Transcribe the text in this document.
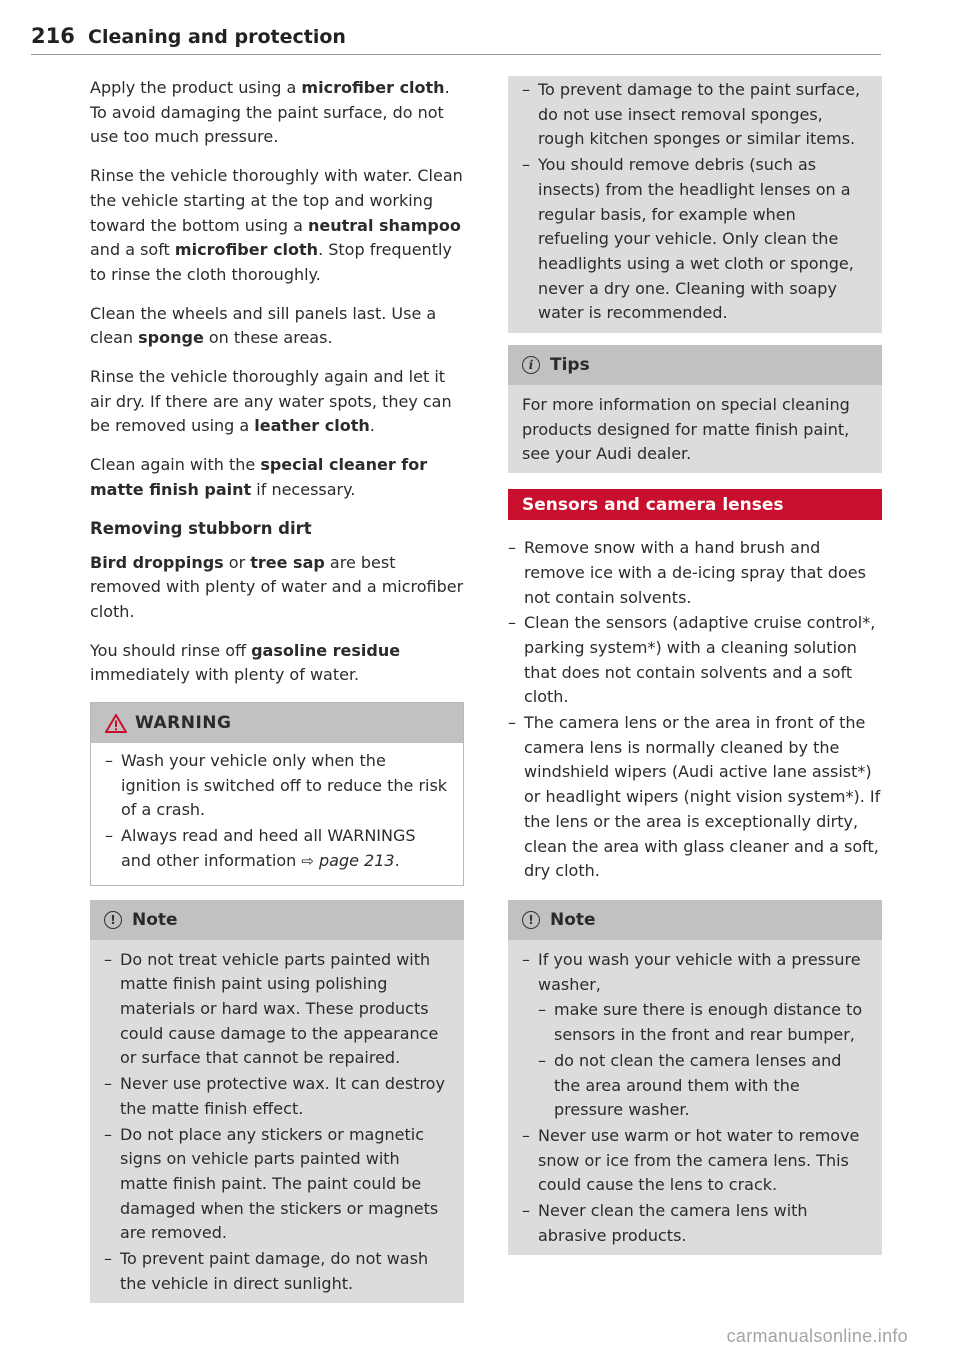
216 Cleaning and protection

Apply the product using a microfiber cloth. To avoid damaging the paint surface, do not use too much pressure.

Rinse the vehicle thoroughly with water. Clean the vehicle starting at the top and working toward the bottom using a neutral shampoo and a soft microfiber cloth. Stop frequently to rinse the cloth thoroughly.

Clean the wheels and sill panels last. Use a clean sponge on these areas.

Rinse the vehicle thoroughly again and let it air dry. If there are any water spots, they can be removed using a leather cloth.

Clean again with the special cleaner for matte finish paint if necessary.

Removing stubborn dirt

Bird droppings or tree sap are best removed with plenty of water and a microfiber cloth.

You should rinse off gasoline residue immediately with plenty of water.

WARNING
– Wash your vehicle only when the ignition is switched off to reduce the risk of a crash.
– Always read and heed all WARNINGS and other information ⇨ page 213.
! Note
– Do not treat vehicle parts painted with matte finish paint using polishing materials or hard wax. These products could cause damage to the appearance or surface that cannot be repaired.
– Never use protective wax. It can destroy the matte finish effect.
– Do not place any stickers or magnetic signs on vehicle parts painted with matte finish paint. The paint could be damaged when the stickers or magnets are removed.
– To prevent paint damage, do not wash the vehicle in direct sunlight.
– To prevent damage to the paint surface, do not use insect removal sponges, rough kitchen sponges or similar items.
– You should remove debris (such as insects) from the headlight lenses on a regular basis, for example when refueling your vehicle. Only clean the headlights using a wet cloth or sponge, never a dry one. Cleaning with soapy water is recommended.
i Tips

For more information on special cleaning products designed for matte finish paint, see your Audi dealer.

Sensors and camera lenses
– Remove snow with a hand brush and remove ice with a de-icing spray that does not contain solvents.
– Clean the sensors (adaptive cruise control*, parking system*) with a cleaning solution that does not contain solvents and a soft cloth.
– The camera lens or the area in front of the camera lens is normally cleaned by the windshield wipers (Audi active lane assist*) or headlight wipers (night vision system*). If the lens or the area is exceptionally dirty, clean the area with glass cleaner and a soft, dry cloth.
! Note
– If you wash your vehicle with a pressure washer,
– make sure there is enough distance to sensors in the front and rear bumper,
– do not clean the camera lenses and the area around them with the pressure washer.
– Never use warm or hot water to remove snow or ice from the camera lens. This could cause the lens to crack.
– Never clean the camera lens with abrasive products.
carmanualsonline.info
